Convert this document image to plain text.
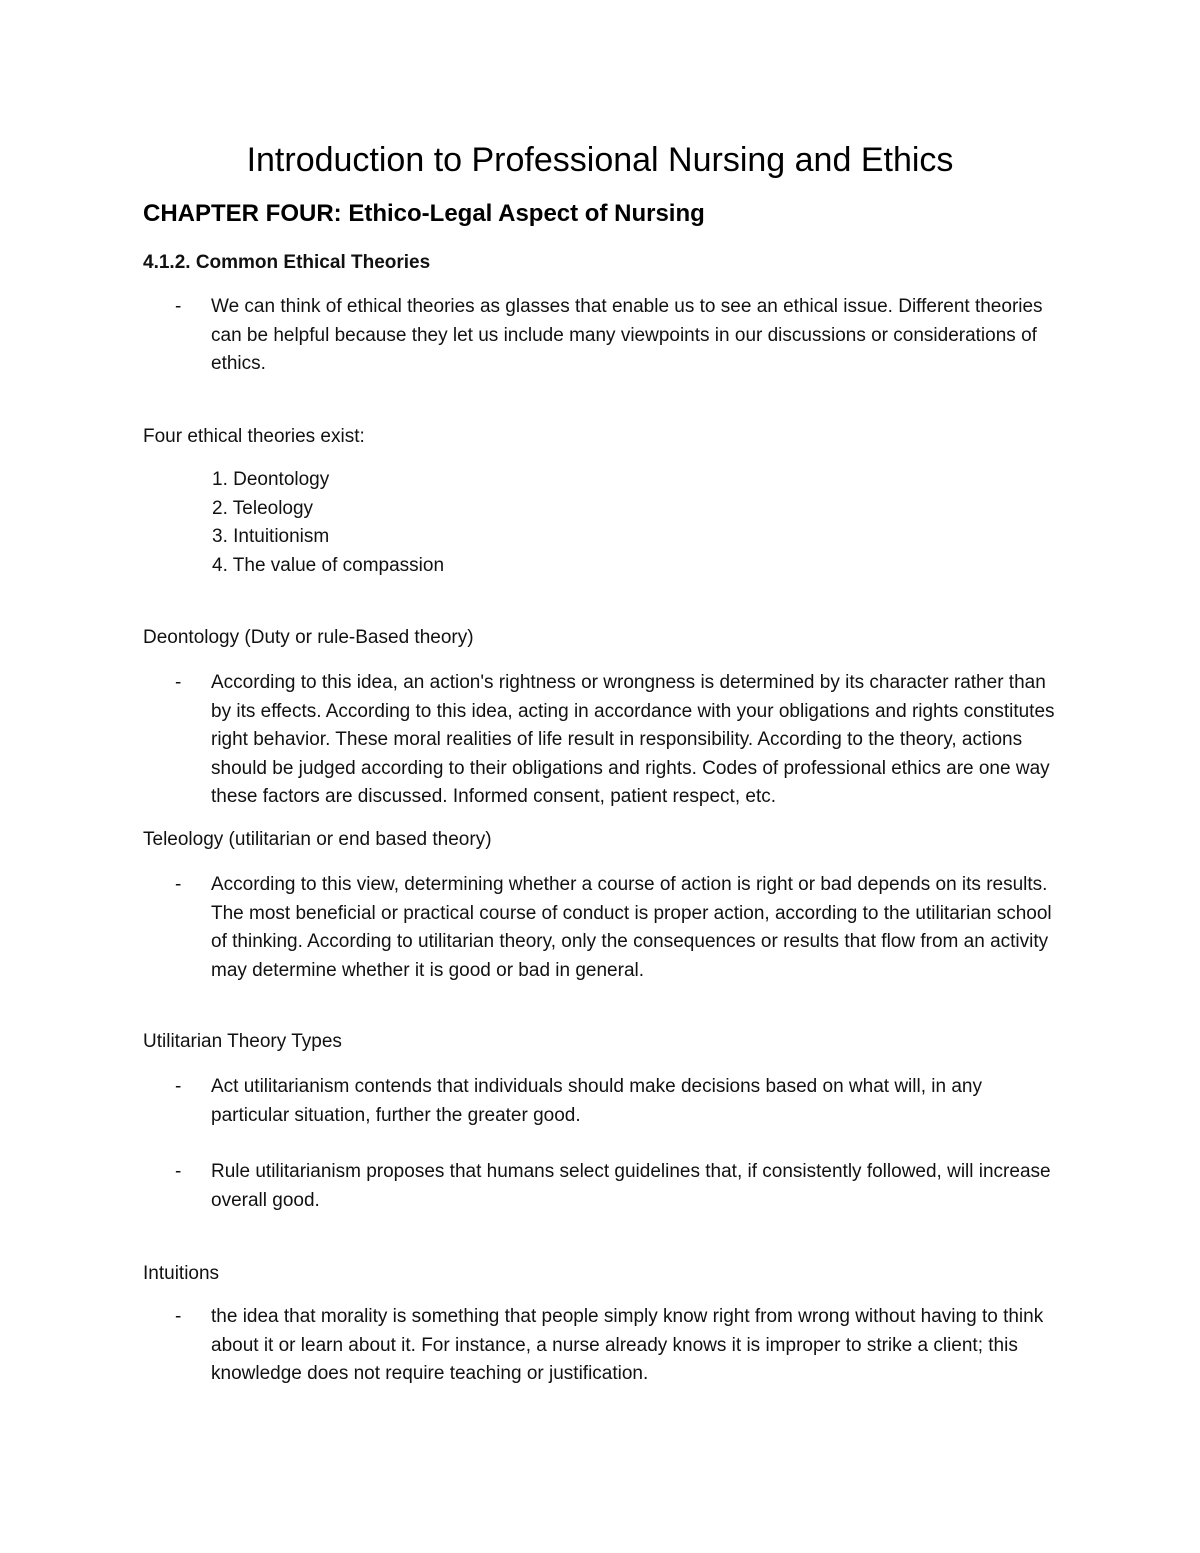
Introduction to Professional Nursing and Ethics
CHAPTER FOUR: Ethico-Legal Aspect of Nursing
4.1.2. Common Ethical Theories
- We can think of ethical theories as glasses that enable us to see an ethical issue. Different theories can be helpful because they let us include many viewpoints in our discussions or considerations of ethics.

Four ethical theories exist:

1. Deontology
2. Teleology
3. Intuitionism
4. The value of compassion

Deontology (Duty or rule-Based theory)

- According to this idea, an action's rightness or wrongness is determined by its character rather than by its effects. According to this idea, acting in accordance with your obligations and rights constitutes right behavior. These moral realities of life result in responsibility. According to the theory, actions should be judged according to their obligations and rights. Codes of professional ethics are one way these factors are discussed. Informed consent, patient respect, etc.

Teleology (utilitarian or end based theory)

- According to this view, determining whether a course of action is right or bad depends on its results. The most beneficial or practical course of conduct is proper action, according to the utilitarian school of thinking. According to utilitarian theory, only the consequences or results that flow from an activity may determine whether it is good or bad in general.

Utilitarian Theory Types

- Act utilitarianism contends that individuals should make decisions based on what will, in any particular situation, further the greater good.
- Rule utilitarianism proposes that humans select guidelines that, if consistently followed, will increase overall good.

Intuitions

- the idea that morality is something that people simply know right from wrong without having to think about it or learn about it. For instance, a nurse already knows it is improper to strike a client; this knowledge does not require teaching or justification.
